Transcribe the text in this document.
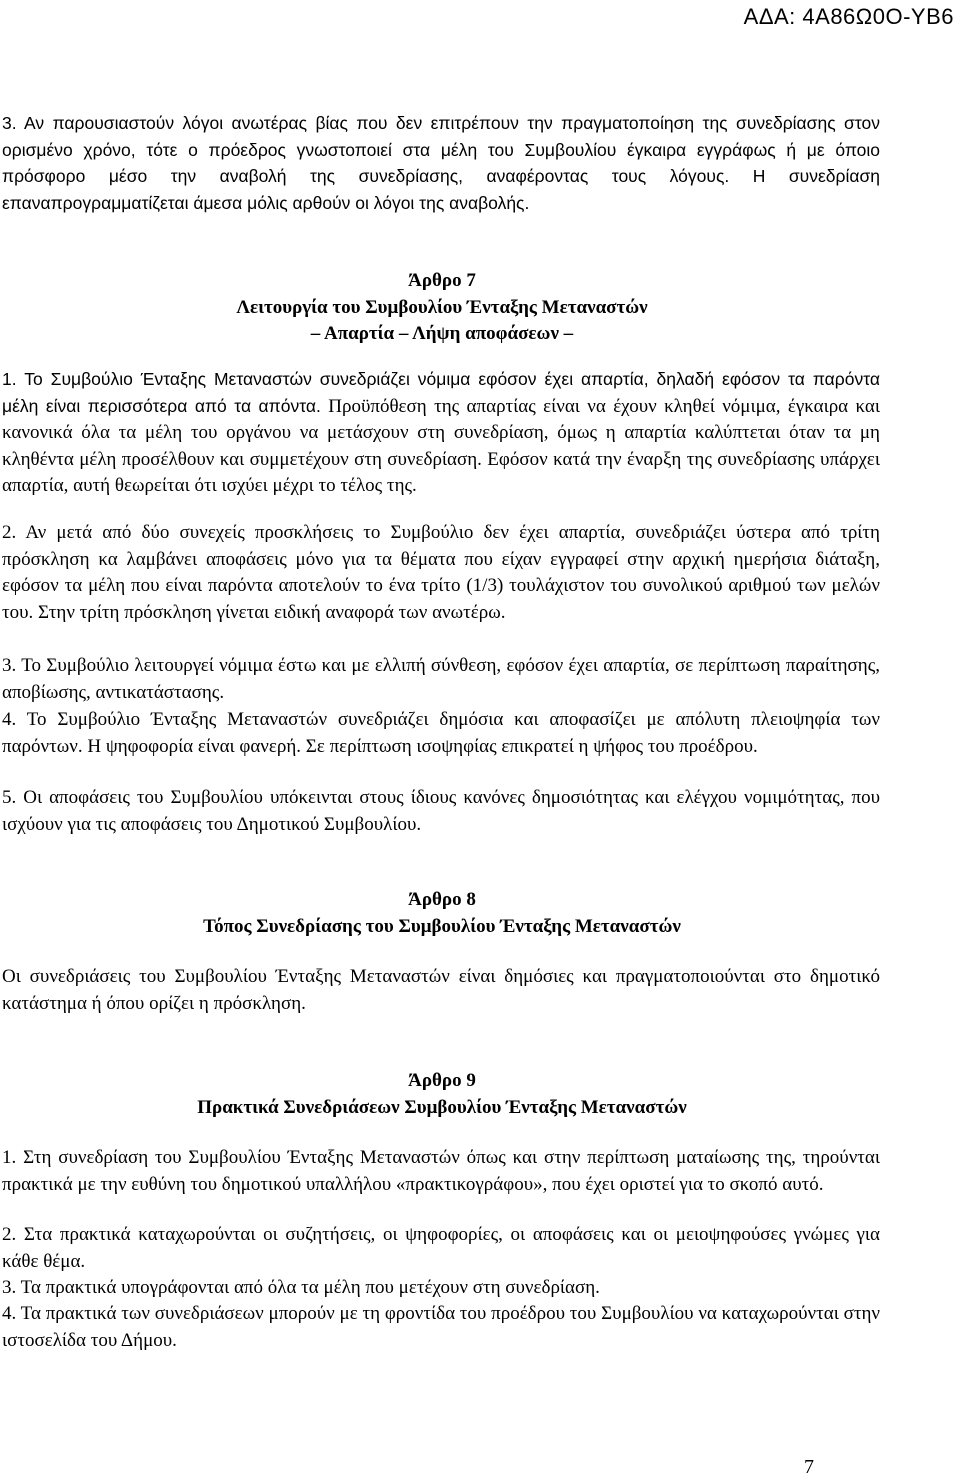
ΑΔΑ: 4Α86Ω0Ο-ΥΒ6

3. Αν παρουσιαστούν λόγοι ανωτέρας βίας που δεν επιτρέπουν την πραγματοποίηση της συνεδρίασης στον ορισμένο χρόνο, τότε ο πρόεδρος γνωστοποιεί στα μέλη του Συμβουλίου έγκαιρα εγγράφως ή με όποιο πρόσφορο μέσο την αναβολή της συνεδρίασης, αναφέροντας τους λόγους. Η συνεδρίαση επαναπρογραμματίζεται άμεσα μόλις αρθούν οι λόγοι της αναβολής.

Άρθρο 7
Λειτουργία του Συμβουλίου Ένταξης Μεταναστών
– Απαρτία – Λήψη αποφάσεων –

1. Το Συμβούλιο Ένταξης Μεταναστών συνεδριάζει νόμιμα εφόσον έχει απαρτία, δηλαδή εφόσον τα παρόντα μέλη είναι περισσότερα από τα απόντα. Προϋπόθεση της απαρτίας είναι να έχουν κληθεί νόμιμα, έγκαιρα και κανονικά όλα τα μέλη του οργάνου να μετάσχουν στη συνεδρίαση, όμως η απαρτία καλύπτεται όταν τα μη κληθέντα μέλη προσέλθουν και συμμετέχουν στη συνεδρίαση. Εφόσον κατά την έναρξη της συνεδρίασης υπάρχει απαρτία, αυτή θεωρείται ότι ισχύει μέχρι το τέλος της.

2. Αν μετά από δύο συνεχείς προσκλήσεις το Συμβούλιο δεν έχει απαρτία, συνεδριάζει ύστερα από τρίτη πρόσκληση κα λαμβάνει αποφάσεις μόνο για τα θέματα που είχαν εγγραφεί στην αρχική ημερήσια διάταξη, εφόσον τα μέλη που είναι παρόντα αποτελούν το ένα τρίτο (1/3) τουλάχιστον του συνολικού αριθμού των μελών του. Στην τρίτη πρόσκληση γίνεται ειδική αναφορά των ανωτέρω.

3. Το Συμβούλιο λειτουργεί νόμιμα έστω και με ελλιπή σύνθεση, εφόσον έχει απαρτία, σε περίπτωση παραίτησης, αποβίωσης, αντικατάστασης.

4. Το Συμβούλιο Ένταξης Μεταναστών συνεδριάζει δημόσια και αποφασίζει με απόλυτη πλειοψηφία των παρόντων. Η ψηφοφορία είναι φανερή. Σε περίπτωση ισοψηφίας επικρατεί η ψήφος του προέδρου.

5. Οι αποφάσεις του Συμβουλίου υπόκεινται στους ίδιους κανόνες δημοσιότητας και ελέγχου νομιμότητας, που ισχύουν για τις αποφάσεις του Δημοτικού Συμβουλίου.

Άρθρο 8
Τόπος Συνεδρίασης του Συμβουλίου Ένταξης Μεταναστών

Οι συνεδριάσεις του Συμβουλίου Ένταξης Μεταναστών είναι δημόσιες και πραγματοποιούνται στο δημοτικό κατάστημα ή όπου ορίζει η πρόσκληση.

Άρθρο 9
Πρακτικά Συνεδριάσεων Συμβουλίου Ένταξης Μεταναστών

1. Στη συνεδρίαση του Συμβουλίου Ένταξης Μεταναστών όπως και στην περίπτωση ματαίωσης της, τηρούνται πρακτικά με την ευθύνη του δημοτικού υπαλλήλου «πρακτικογράφου», που έχει οριστεί για το σκοπό αυτό.

2. Στα πρακτικά καταχωρούνται οι συζητήσεις, οι ψηφοφορίες, οι αποφάσεις και οι μειοψηφούσες γνώμες για κάθε θέμα.

3. Τα πρακτικά υπογράφονται από όλα τα μέλη που μετέχουν στη συνεδρίαση.

4. Τα πρακτικά των συνεδριάσεων μπορούν με τη φροντίδα του προέδρου του Συμβουλίου να καταχωρούνται στην ιστοσελίδα του Δήμου.

7
